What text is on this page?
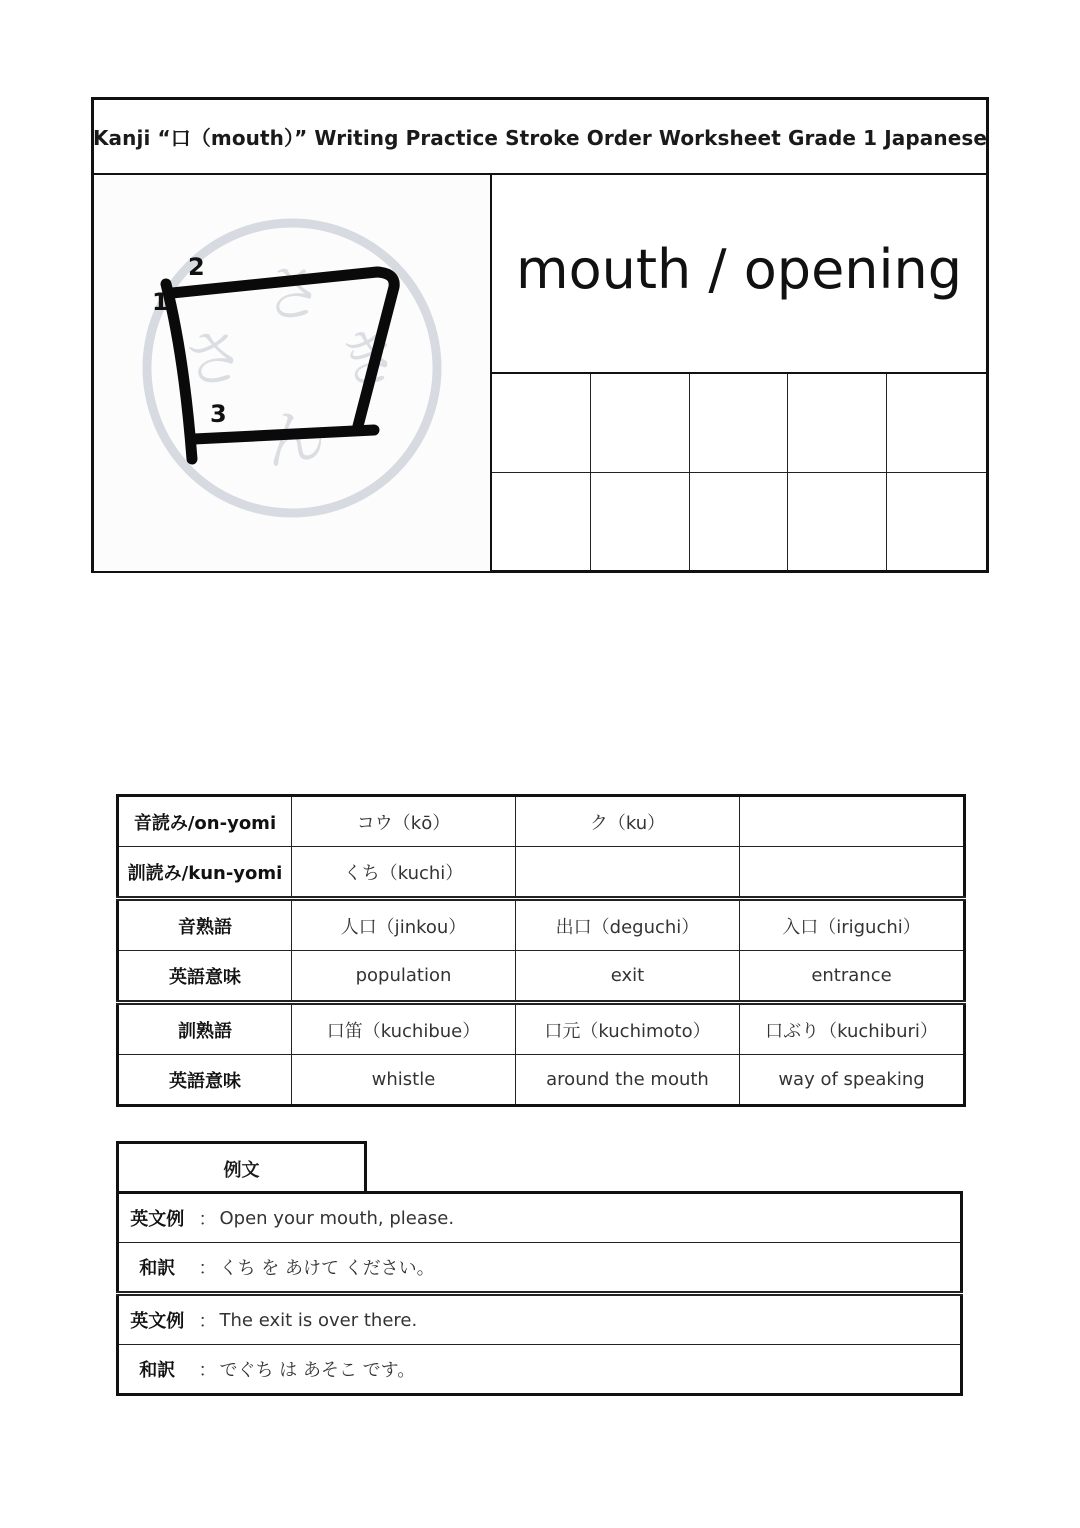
Kanji “口（mouth）” Writing Practice Stroke Order Worksheet Grade 1 Japanese
さ
さ き
ん
1
2
3
mouth / opening
音読み/on-yomi	コウ（kō）	ク（ku）	
訓読み/kun-yomi	くち（kuchi）		
音熟語	人口（jinkou）	出口（deguchi）	入口（iriguchi）
英語意味	population	exit	entrance
訓熟語	口笛（kuchibue）	口元（kuchimoto）	口ぶり（kuchiburi）
英語意味	whistle	around the mouth	way of speaking
例文
英文例	：	Open your mouth, please.
和訳	：	くち を あけて ください。
英文例	：	The exit is over there.
和訳	：	でぐち は あそこ です。
